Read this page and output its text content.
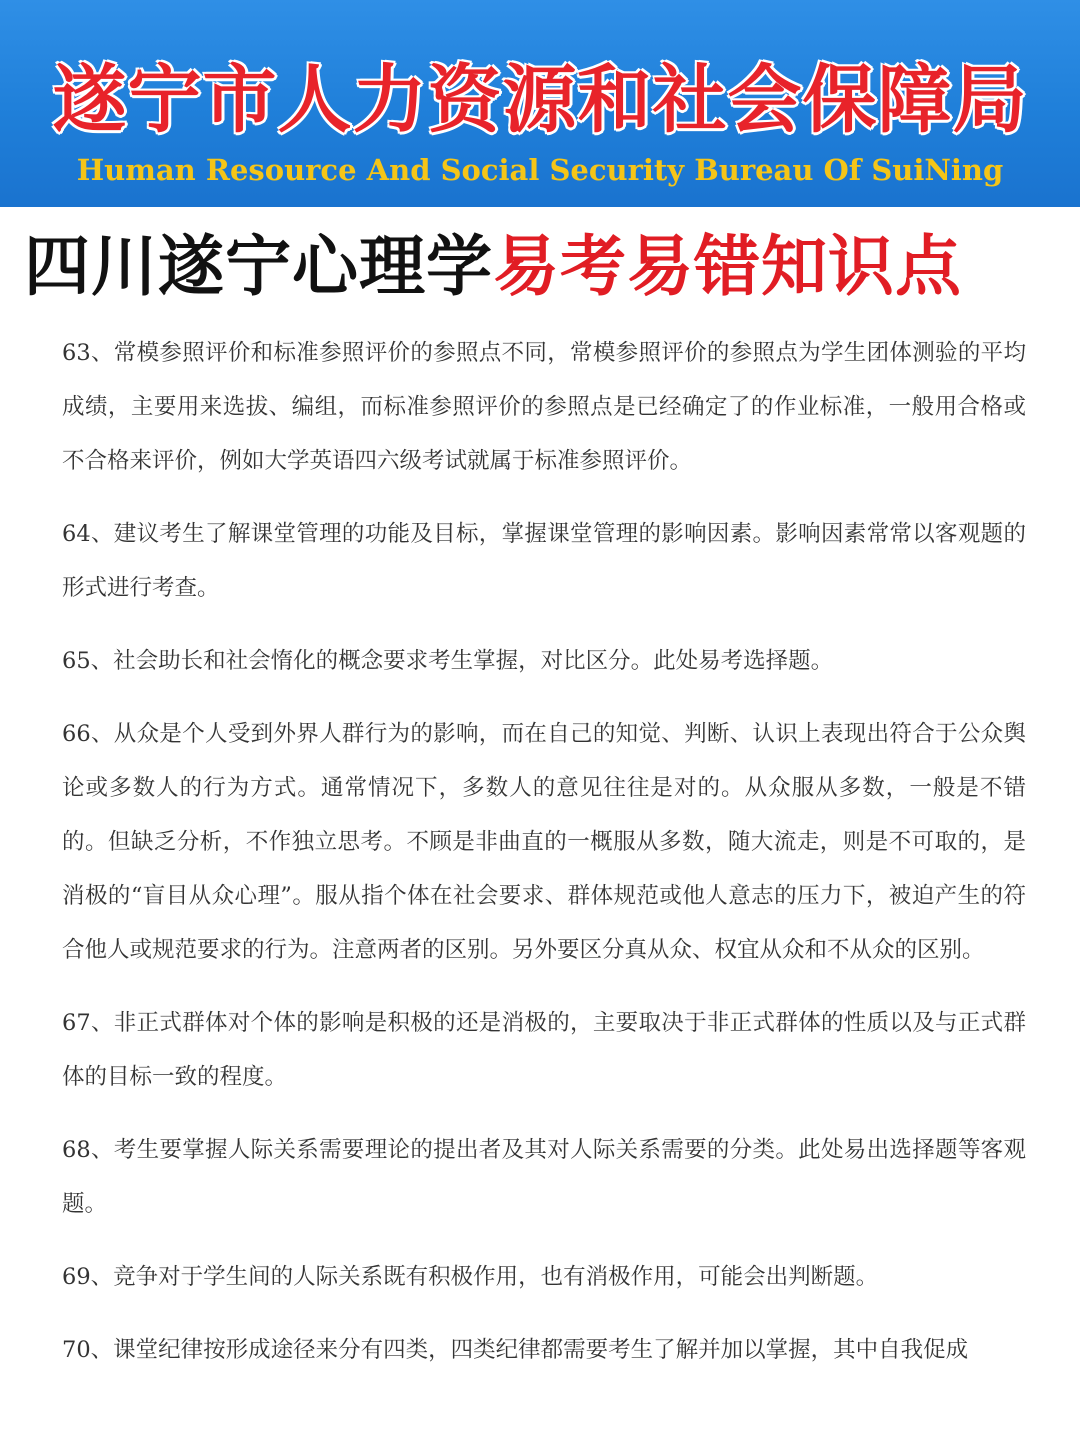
遂宁市人力资源和社会保障局
Human Resource And Social Security Bureau Of SuiNing
四川遂宁心理学易考易错知识点

63、常模参照评价和标准参照评价的参照点不同，常模参照评价的参照点为学生团体测验的平均成绩，主要用来选拔、编组，而标准参照评价的参照点是已经确定了的作业标准，一般用合格或不合格来评价，例如大学英语四六级考试就属于标准参照评价。

64、建议考生了解课堂管理的功能及目标，掌握课堂管理的影响因素。影响因素常常以客观题的形式进行考查。

65、社会助长和社会惰化的概念要求考生掌握，对比区分。此处易考选择题。

66、从众是个人受到外界人群行为的影响，而在自己的知觉、判断、认识上表现出符合于公众舆论或多数人的行为方式。通常情况下，多数人的意见往往是对的。从众服从多数，一般是不错的。但缺乏分析，不作独立思考。不顾是非曲直的一概服从多数，随大流走，则是不可取的，是消极的“盲目从众心理”。服从指个体在社会要求、群体规范或他人意志的压力下，被迫产生的符合他人或规范要求的行为。注意两者的区别。另外要区分真从众、权宜从众和不从众的区别。

67、非正式群体对个体的影响是积极的还是消极的，主要取决于非正式群体的性质以及与正式群体的目标一致的程度。

68、考生要掌握人际关系需要理论的提出者及其对人际关系需要的分类。此处易出选择题等客观题。

69、竞争对于学生间的人际关系既有积极作用，也有消极作用，可能会出判断题。

70、课堂纪律按形成途径来分有四类，四类纪律都需要考生了解并加以掌握，其中自我促成
